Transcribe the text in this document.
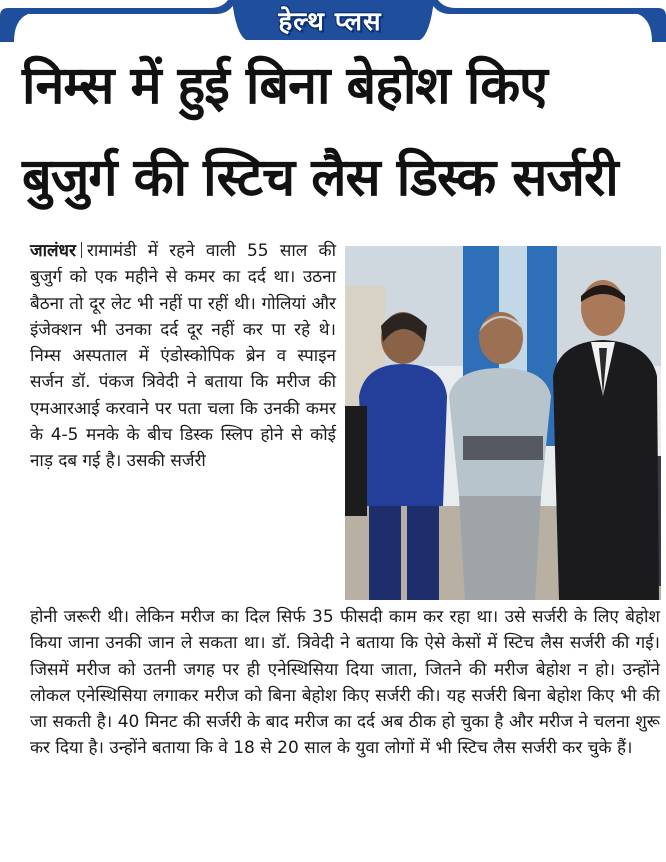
हेल्थ प्लस
निम्स में हुई बिना बेहोश किए
बुजुर्ग की स्टिच लैस डिस्क सर्जरी

जालंधर रामामंडी में रहने वाली 55 साल की बुजुर्ग को एक महीने से कमर का दर्द था। उठना बैठना तो दूर लेट भी नहीं पा रहीं थी। गोलियां और इंजेक्शन भी उनका दर्द दूर नहीं कर पा रहे थे। निम्स अस्पताल में एंडोस्कोपिक ब्रेन व स्पाइन सर्जन डॉ. पंकज त्रिवेदी ने बताया कि मरीज की एमआरआई करवाने पर पता चला कि उनकी कमर के 4-5 मनके के बीच डिस्क स्लिप होने से कोई नाड़ दब गई है। उसकी सर्जरी

होनी जरूरी थी। लेकिन मरीज का दिल सिर्फ 35 फीसदी काम कर रहा था। उसे सर्जरी के लिए बेहोश किया जाना उनकी जान ले सकता था। डॉ. त्रिवेदी ने बताया कि ऐसे केसों में स्टिच लैस सर्जरी की गई। जिसमें मरीज को उतनी जगह पर ही एनेस्थिसिया दिया जाता, जितने की मरीज बेहोश न हो। उन्होंने लोकल एनेस्थिसिया लगाकर मरीज को बिना बेहोश किए सर्जरी की। यह सर्जरी बिना बेहोश किए भी की जा सकती है। 40 मिनट की सर्जरी के बाद मरीज का दर्द अब ठीक हो चुका है और मरीज ने चलना शुरू कर दिया है। उन्होंने बताया कि वे 18 से 20 साल के युवा लोगों में भी स्टिच लैस सर्जरी कर चुके हैं।
